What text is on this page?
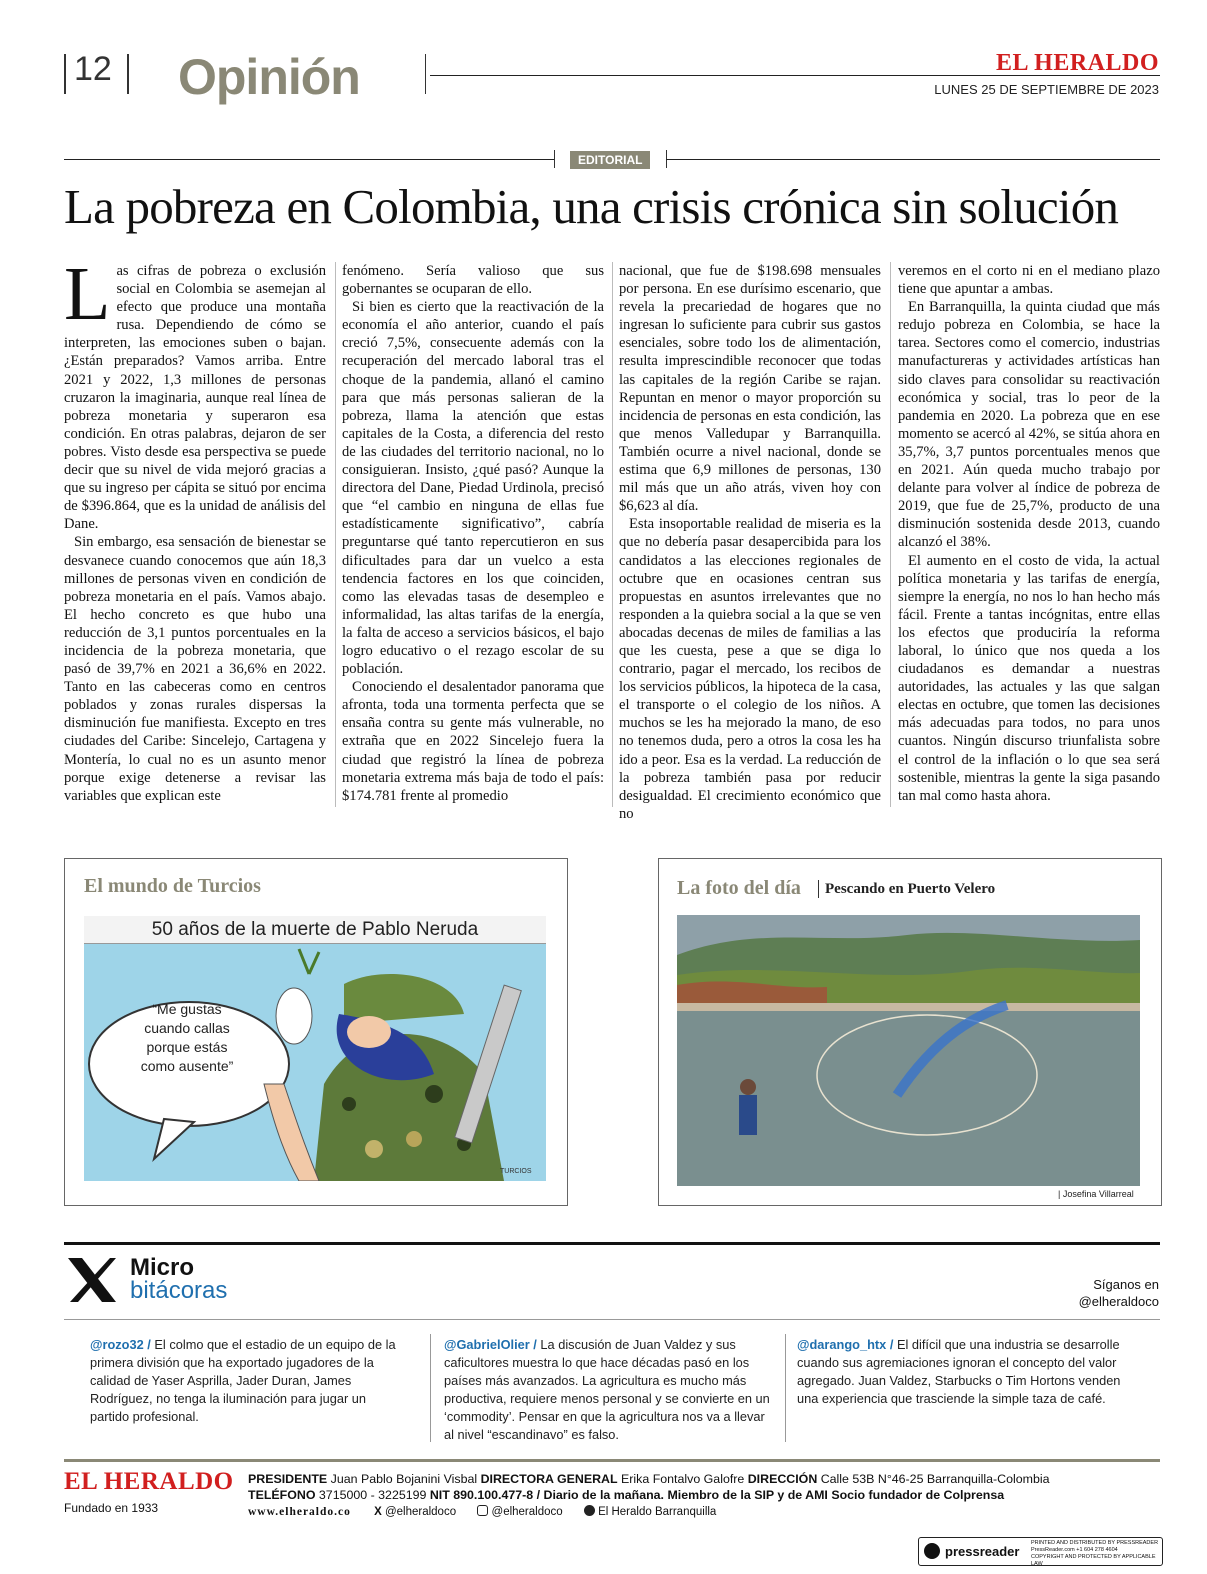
12 Opinión	EL HERALDO
LUNES 25 DE SEPTIEMBRE DE 2023
EDITORIAL
La pobreza en Colombia, una crisis crónica sin solución
L as cifras de pobreza o exclusión social en Colombia se asemejan al efecto que produce una montaña rusa. Dependiendo de cómo se interpreten, las emociones suben o bajan. ¿Están preparados? Vamos arriba. Entre 2021 y 2022, 1,3 millones de personas cruzaron la imaginaria, aunque real línea de pobreza monetaria y superaron esa condición. En otras palabras, dejaron de ser pobres. Visto desde esa perspectiva se puede decir que su nivel de vida mejoró gracias a que su ingreso per cápita se situó por encima de $396.864, que es la unidad de análisis del Dane.

Sin embargo, esa sensación de bienestar se desvanece cuando conocemos que aún 18,3 millones de personas viven en condición de pobreza monetaria en el país. Vamos abajo. El hecho concreto es que hubo una reducción de 3,1 puntos porcentuales en la incidencia de la pobreza monetaria, que pasó de 39,7% en 2021 a 36,6% en 2022. Tanto en las cabeceras como en centros poblados y zonas rurales dispersas la disminución fue manifiesta. Excepto en tres ciudades del Caribe: Sincelejo, Cartagena y Montería, lo cual no es un asunto menor porque exige detenerse a revisar las variables que explican este

fenómeno. Sería valioso que sus gobernantes se ocuparan de ello.

Si bien es cierto que la reactivación de la economía el año anterior, cuando el país creció 7,5%, consecuente además con la recuperación del mercado laboral tras el choque de la pandemia, allanó el camino para que más personas salieran de la pobreza, llama la atención que estas capitales de la Costa, a diferencia del resto de las ciudades del territorio nacional, no lo consiguieran. Insisto, ¿qué pasó? Aunque la directora del Dane, Piedad Urdinola, precisó que “el cambio en ninguna de ellas fue estadísticamente significativo”, cabría preguntarse qué tanto repercutieron en sus dificultades para dar un vuelco a esta tendencia factores en los que coinciden, como las elevadas tasas de desempleo e informalidad, las altas tarifas de la energía, la falta de acceso a servicios básicos, el bajo logro educativo o el rezago escolar de su población.

Conociendo el desalentador panorama que afronta, toda una tormenta perfecta que se ensaña contra su gente más vulnerable, no extraña que en 2022 Sincelejo fuera la ciudad que registró la línea de pobreza monetaria extrema más baja de todo el país: $174.781 frente al promedio

nacional, que fue de $198.698 mensuales por persona. En ese durísimo escenario, que revela la precariedad de hogares que no ingresan lo suficiente para cubrir sus gastos esenciales, sobre todo los de alimentación, resulta imprescindible reconocer que todas las capitales de la región Caribe se rajan. Repuntan en menor o mayor proporción su incidencia de personas en esta condición, las que menos Valledupar y Barranquilla. También ocurre a nivel nacional, donde se estima que 6,9 millones de personas, 130 mil más que un año atrás, viven hoy con $6,623 al día.

Esta insoportable realidad de miseria es la que no debería pasar desapercibida para los candidatos a las elecciones regionales de octubre que en ocasiones centran sus propuestas en asuntos irrelevantes que no responden a la quiebra social a la que se ven abocadas decenas de miles de familias a las que les cuesta, pese a que se diga lo contrario, pagar el mercado, los recibos de los servicios públicos, la hipoteca de la casa, el transporte o el colegio de los niños. A muchos se les ha mejorado la mano, de eso no tenemos duda, pero a otros la cosa les ha ido a peor. Esa es la verdad. La reducción de la pobreza también pasa por reducir desigualdad. El crecimiento económico que no

veremos en el corto ni en el mediano plazo tiene que apuntar a ambas.

En Barranquilla, la quinta ciudad que más redujo pobreza en Colombia, se hace la tarea. Sectores como el comercio, industrias manufactureras y actividades artísticas han sido claves para consolidar su reactivación económica y social, tras lo peor de la pandemia en 2020. La pobreza que en ese momento se acercó al 42%, se sitúa ahora en 35,7%, 3,7 puntos porcentuales menos que en 2021. Aún queda mucho trabajo por delante para volver al índice de pobreza de 2019, que fue de 25,7%, producto de una disminución sostenida desde 2013, cuando alcanzó el 38%.

El aumento en el costo de vida, la actual política monetaria y las tarifas de energía, siempre la energía, no nos lo han hecho más fácil. Frente a tantas incógnitas, entre ellas los efectos que produciría la reforma laboral, lo único que nos queda a los ciudadanos es demandar a nuestras autoridades, las actuales y las que salgan electas en octubre, que tomen las decisiones más adecuadas para todos, no para unos cuantos. Ningún discurso triunfalista sobre el control de la inflación o lo que sea será sostenible, mientras la gente la siga pasando tan mal como hasta ahora.

El mundo de Turcios
50 años de la muerte de Pablo Neruda
“Me gustas
cuando callas
porque estás
como ausente”
TURCIOS
La foto del día Pescando en Puerto Velero
| Josefina Villarreal
Micro
bitácoras	Síganos en
@elheraldoco
@rozo32 / El colmo que el estadio de un equipo de la primera división que ha exportado jugadores de la calidad de Yaser Asprilla, Jader Duran, James Rodríguez, no tenga la iluminación para jugar un partido profesional.
@GabrielOlier / La discusión de Juan Valdez y sus caficultores muestra lo que hace décadas pasó en los países más avanzados. La agricultura es mucho más productiva, requiere menos personal y se convierte en un ‘commodity’. Pensar en que la agricultura nos va a llevar al nivel “escandinavo” es falso.
@darango_htx / El difícil que una industria se desarrolle cuando sus agremiaciones ignoran el concepto del valor agregado. Juan Valdez, Starbucks o Tim Hortons venden una experiencia que trasciende la simple taza de café.
EL HERALDO
Fundado en 1933
PRESIDENTE Juan Pablo Bojanini Visbal DIRECTORA GENERAL Erika Fontalvo Galofre DIRECCIÓN Calle 53B N°46-25 Barranquilla-Colombia
TELÉFONO 3715000 - 3225199 NIT 890.100.477-8 / Diario de la mañana. Miembro de la SIP y de AMI Socio fundador de Colprensa
www.elheraldo.co X @elheraldoco	@elheraldoco	El Heraldo Barranquilla
pressreader
PRINTED AND DISTRIBUTED BY PRESSREADER
PressReader.com +1 604 278 4604
COPYRIGHT AND PROTECTED BY APPLICABLE LAW
